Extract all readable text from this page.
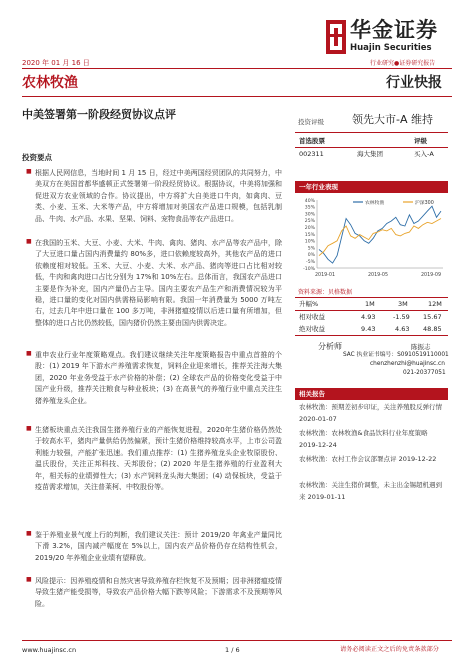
华金证券
Huajin Securities
2020 年 01 月 16 日	行业研究●证券研究报告
农林牧渔	行业快报
中美签署第一阶段经贸协议点评
投资要点

■ 根据人民网信息，当地时间 1 月 15 日，经过中美两国经贸团队的共同努力，中美双方在美国首都华盛顿正式签署第一阶段经贸协议。根据协议，中美将加强和促进双方农业领域的合作。协议提出，中方将扩大自美进口牛肉，如禽肉、豆类、小麦、玉米、大米等产品，中方将增加对美国农产品进口规模，包括乳制品、牛肉、水产品、水果、坚果、饲料、宠物食品等农产品进口。

■ 在我国的玉米、大豆、小麦、大米、牛肉、禽肉、猪肉、水产品等农产品中，除了大豆进口量占国内消费量约 80%多，进口依赖度较高外，其他农产品的进口依赖度相对较低。玉米、大豆、小麦、大米、水产品、猪肉等进口占比相对较低，牛肉和禽肉进口占比分别为 17%和 10%左右。总体而言，我国农产品进口主要是作为补充，国内产量仍占主导。国内主要农产品生产和消费情况较为平稳，进口量的变化对国内供需格局影响有限。我国一年消费量为 5000 万吨左右，过去几年中进口量在 100 多万吨，非洲猪瘟疫情以后进口量有所增加，但整体的进口占比仍然较低，国内猪价仍然主要由国内供需决定。

■ 重申农业行业年度策略观点。我们建议继续关注年度策略报告中重点首推的个股：(1) 2019 年下游水产养殖需求恢复，饲料企业迎来增长，推荐关注海大集团，2020 年业务受益于水产价格的补偿；(2) 全球农产品的价格变化受益于中国产业升级，推荐关注粮食与种业板块；(3) 在高景气的养殖行业中重点关注生猪养殖龙头企业。

■ 生猪板块重点关注我国生猪养殖行业的产能恢复进程，2020年生猪价格仍然处于较高水平，猪肉产量供给仍然偏紧，预计生猪价格维持较高水平，上市公司盈利能力较强，产能扩张迅速。我们重点推荐：(1) 生猪养殖龙头企业牧原股份、温氏股份，关注正邦科技、天邦股份；(2) 2020 年是生猪养殖的行业盈利大年，相关标的业绩弹性大；(3) 水产饲料龙头海大集团；(4) 动保板块，受益于疫苗需求增加，关注普莱柯、中牧股份等。

■ 鉴于养殖业景气度上行的判断，我们建议关注：预计 2019/20 年禽业产量同比下滑 3.2%，国内减产幅度在 5%以上，国内农产品价格仍存在结构性机会，2019/20 年养殖企业业绩有望释放。

■ 风险提示：因养殖疫情和自然灾害导致养殖存栏恢复不及预期；因非洲猪瘟疫情导致生猪产能受损等，导致农产品价格大幅下跌等风险；下游需求不及预期等风险。

投资评级	领先大市-A 维持
首选股票	评级
002311	海大集团	买入-A
一年行业表现
40%
35%
30%
25%
20%
15%
10%
5%
0%
-5%
-10%
2019-01	2019-05	2019-09
农林牧渔	沪深300
资料来源：贝格数据
升幅%	1M	3M	12M
相对收益	4.93	-1.59 15.67
绝对收益	9.43	4.63 48.85
分析师	陈振志
SAC 执业证书编号：S0910519110001
chenzhenzhi@huajinsc.cn
021-20377051
相关报告
农林牧渔：预期差初步印证，关注养殖股反弹行情 2020-01-07
农林牧渔：农林牧渔&食品饮料行业年度策略 2019-12-24
农林牧渔：农村工作会议部署点评 2019-12-22
农林牧渔：关注生猪价调整，未主出金锡超机遇到来 2019-01-11
www.huajinsc.cn	1 / 6	请务必阅读正文之后的免责条款部分
